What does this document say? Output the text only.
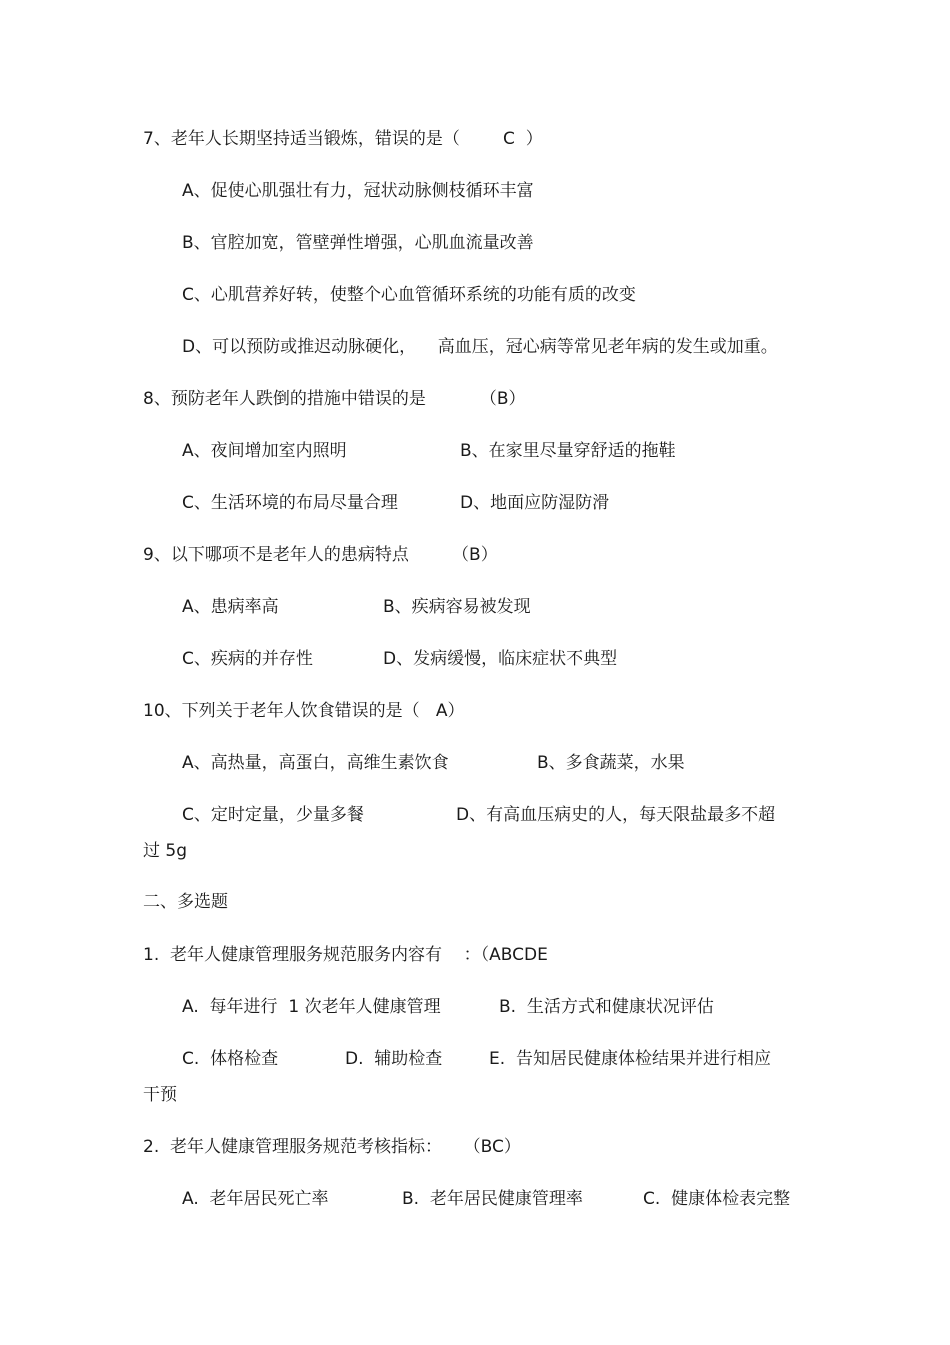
7、老年人长期坚持适当锻炼，错误的是（        C  ）
A、促使心肌强壮有力，冠状动脉侧枝循环丰富
B、官腔加宽，管壁弹性增强，心肌血流量改善
C、心肌营养好转，使整个心血管循环系统的功能有质的改变
D、可以预防或推迟动脉硬化，    高血压，冠心病等常见老年病的发生或加重。
8、预防老年人跌倒的措施中错误的是          （B）
A、夜间增加室内照明	B、在家里尽量穿舒适的拖鞋
C、生活环境的布局尽量合理	D、地面应防湿防滑
9、以下哪项不是老年人的患病特点        （B）
A、患病率高	B、疾病容易被发现
C、疾病的并存性	D、发病缓慢，临床症状不典型
10、下列关于老年人饮食错误的是（   A）
A、高热量，高蛋白，高维生素饮食	B、多食蔬菜，水果
C、定时定量，少量多餐	D、有高血压病史的人，每天限盐最多不超
过 5g
二、多选题
1.  老年人健康管理服务规范服务内容有    ：（ABCDE
A.  每年进行  1 次老年人健康管理	B.  生活方式和健康状况评估
C.  体格检查	D.  辅助检查	E.  告知居民健康体检结果并进行相应
干预
2.  老年人健康管理服务规范考核指标：    （BC）
A.  老年居民死亡率	B.  老年居民健康管理率	C.  健康体检表完整
